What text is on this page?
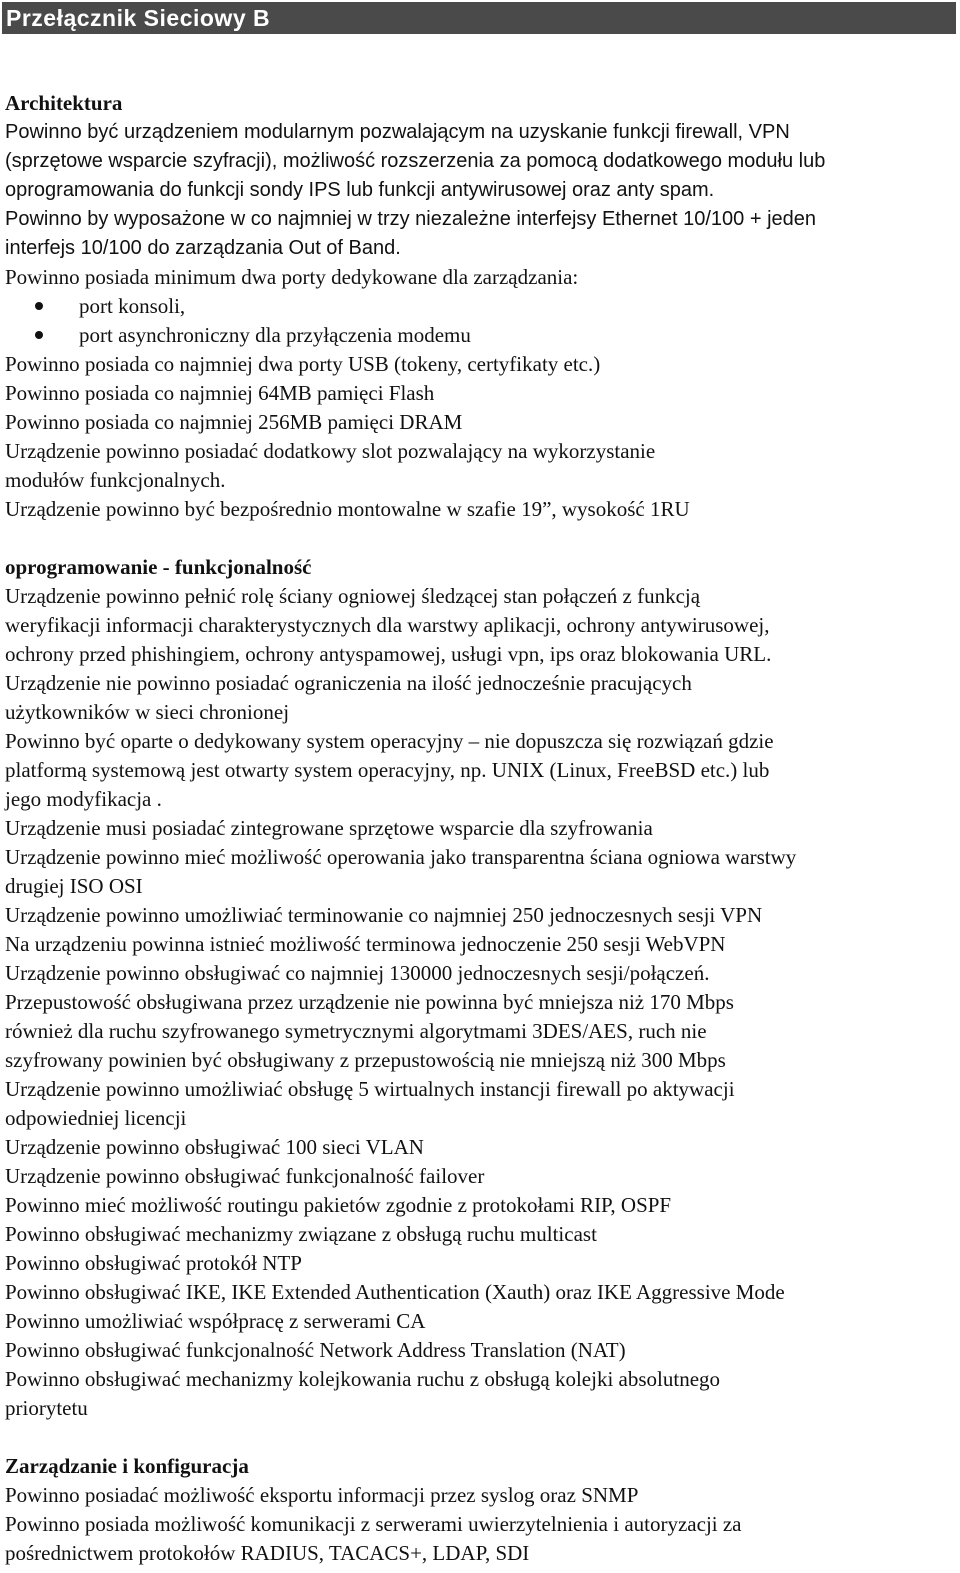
Przełącznik Sieciowy B
Architektura
Powinno być urządzeniem modularnym pozwalającym na uzyskanie funkcji firewall, VPN
(sprzętowe wsparcie szyfracji), możliwość rozszerzenia za pomocą dodatkowego modułu lub
oprogramowania do funkcji sondy IPS lub funkcji antywirusowej oraz anty spam.
Powinno by wyposażone w co najmniej w trzy niezależne interfejsy Ethernet 10/100 + jeden
interfejs 10/100 do zarządzania Out of Band.
Powinno posiada minimum dwa porty dedykowane dla zarządzania:
port konsoli,
port asynchroniczny dla przyłączenia modemu
Powinno posiada co najmniej dwa porty USB (tokeny, certyfikaty etc.)
Powinno posiada co najmniej 64MB pamięci Flash
Powinno posiada co najmniej 256MB pamięci DRAM
Urządzenie powinno posiadać dodatkowy slot pozwalający na wykorzystanie
modułów funkcjonalnych.
Urządzenie powinno być bezpośrednio montowalne w szafie 19”, wysokość 1RU
oprogramowanie - funkcjonalność
Urządzenie powinno pełnić rolę ściany ogniowej śledzącej stan połączeń z funkcją
weryfikacji informacji charakterystycznych dla warstwy aplikacji, ochrony antywirusowej,
ochrony przed phishingiem, ochrony antyspamowej, usługi vpn, ips oraz blokowania URL.
Urządzenie nie powinno posiadać ograniczenia na ilość jednocześnie pracujących
użytkowników w sieci chronionej
Powinno być oparte o dedykowany system operacyjny – nie dopuszcza się rozwiązań gdzie
platformą systemową jest otwarty system operacyjny, np. UNIX (Linux, FreeBSD etc.) lub
jego modyfikacja .
Urządzenie musi posiadać zintegrowane sprzętowe wsparcie dla szyfrowania
Urządzenie powinno mieć możliwość operowania jako transparentna ściana ogniowa warstwy
drugiej ISO OSI
Urządzenie powinno umożliwiać terminowanie co najmniej 250 jednoczesnych sesji VPN
Na urządzeniu powinna istnieć możliwość terminowa jednoczenie 250 sesji WebVPN
Urządzenie powinno obsługiwać co najmniej 130000 jednoczesnych sesji/połączeń.
Przepustowość obsługiwana przez urządzenie nie powinna być mniejsza niż 170 Mbps
również dla ruchu szyfrowanego symetrycznymi algorytmami 3DES/AES, ruch nie
szyfrowany powinien być obsługiwany z przepustowością nie mniejszą niż 300 Mbps
Urządzenie powinno umożliwiać obsługę 5 wirtualnych instancji firewall po aktywacji
odpowiedniej licencji
Urządzenie powinno obsługiwać 100 sieci VLAN
Urządzenie powinno obsługiwać funkcjonalność failover
Powinno mieć możliwość routingu pakietów zgodnie z protokołami RIP, OSPF
Powinno obsługiwać mechanizmy związane z obsługą ruchu multicast
Powinno obsługiwać protokół NTP
Powinno obsługiwać IKE, IKE Extended Authentication (Xauth) oraz IKE Aggressive Mode
Powinno umożliwiać współpracę z serwerami CA
Powinno obsługiwać funkcjonalność Network Address Translation (NAT)
Powinno obsługiwać mechanizmy kolejkowania ruchu z obsługą kolejki absolutnego
priorytetu
Zarządzanie i konfiguracja
Powinno posiadać możliwość eksportu informacji przez syslog oraz SNMP
Powinno posiada możliwość komunikacji z serwerami uwierzytelnienia i autoryzacji za
pośrednictwem protokołów RADIUS, TACACS+, LDAP, SDI
